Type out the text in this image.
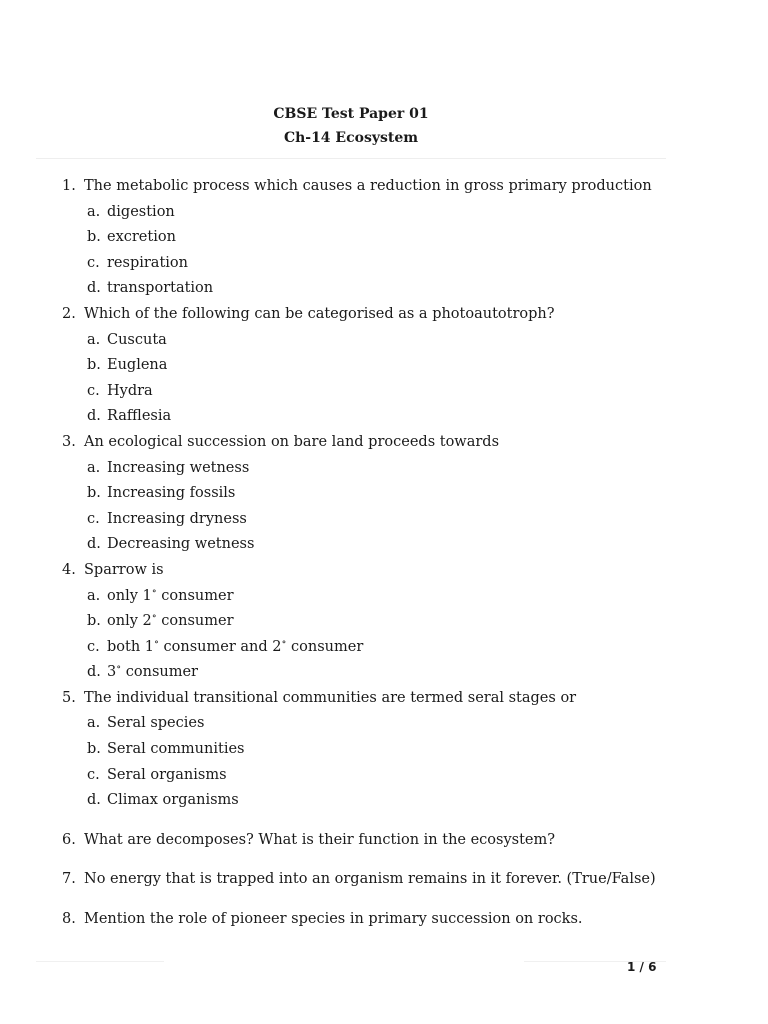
CBSE Test Paper 01

Ch-14 Ecosystem

1. The metabolic process which causes a reduction in gross primary production
a. digestion
b. excretion
c. respiration
d. transportation
2. Which of the following can be categorised as a photoautotroph?
a. Cuscuta
b. Euglena
c. Hydra
d. Rafflesia
3. An ecological succession on bare land proceeds towards
a. Increasing wetness
b. Increasing fossils
c. Increasing dryness
d. Decreasing wetness
4. Sparrow is
a. only 1∘ consumer
b. only 2∘ consumer
c. both 1∘ consumer and 2∘ consumer
d. 3∘ consumer
5. The individual transitional communities are termed seral stages or
a. Seral species
b. Seral communities
c. Seral organisms
d. Climax organisms
6. What are decomposes? What is their function in the ecosystem?
7. No energy that is trapped into an organism remains in it forever. (True/False)
8. Mention the role of pioneer species in primary succession on rocks.
1 / 6
